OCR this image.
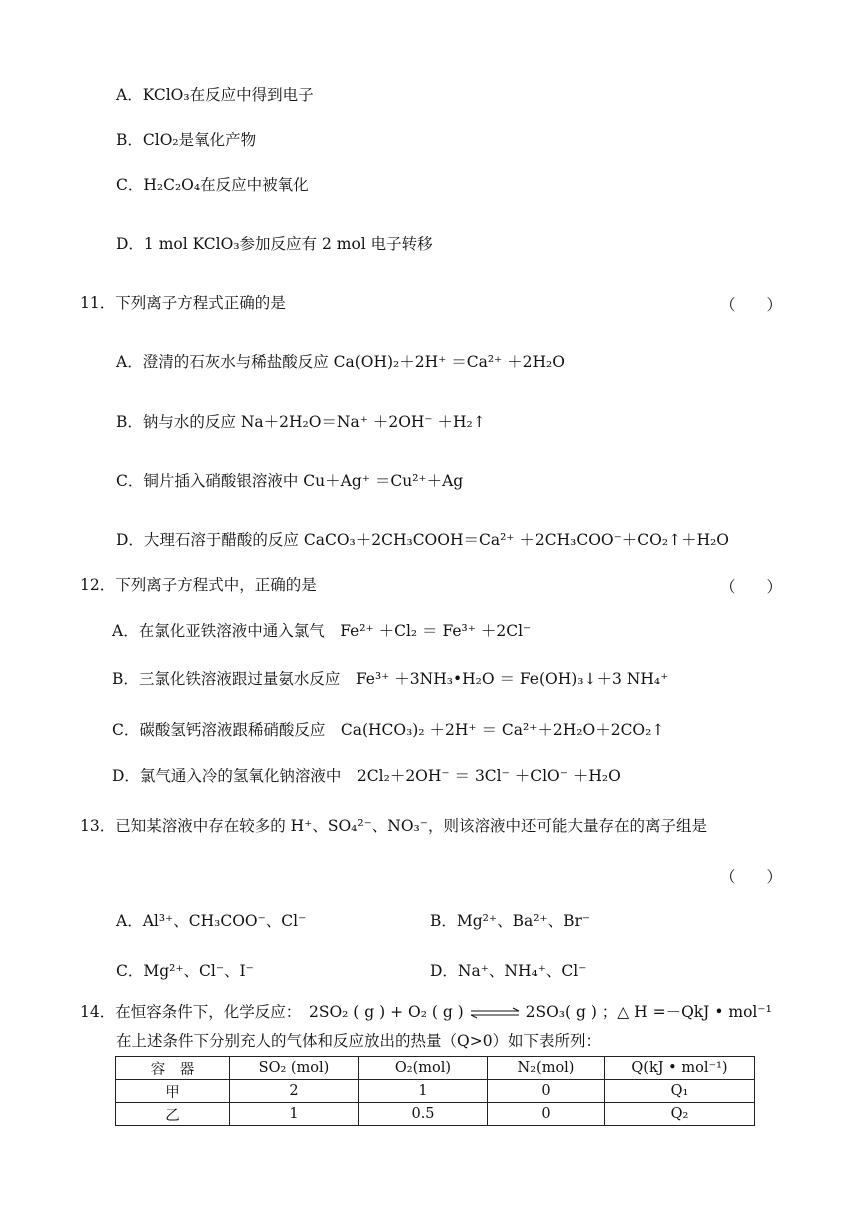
A．KClO₃在反应中得到电子
B．ClO₂是氧化产物
C．H₂C₂O₄在反应中被氧化
D．1 mol KClO₃参加反应有 2 mol 电子转移
11．下列离子方程式正确的是	（　　）
A．澄清的石灰水与稀盐酸反应 Ca(OH)₂＋2H⁺ ＝Ca²⁺ ＋2H₂O
B．钠与水的反应 Na＋2H₂O＝Na⁺ ＋2OH⁻ ＋H₂↑
C．铜片插入硝酸银溶液中 Cu＋Ag⁺ ＝Cu²⁺＋Ag
D．大理石溶于醋酸的反应 CaCO₃＋2CH₃COOH＝Ca²⁺ ＋2CH₃COO⁻＋CO₂↑＋H₂O
12．下列离子方程式中，正确的是	（　　）
A．在氯化亚铁溶液中通入氯气　Fe²⁺ ＋Cl₂ ＝ Fe³⁺ ＋2Cl⁻
B．三氯化铁溶液跟过量氨水反应　Fe³⁺ ＋3NH₃•H₂O ＝ Fe(OH)₃↓＋3 NH₄⁺
C．碳酸氢钙溶液跟稀硝酸反应　Ca(HCO₃)₂ ＋2H⁺ ＝ Ca²⁺＋2H₂O＋2CO₂↑
D．氯气通入冷的氢氧化钠溶液中　2Cl₂＋2OH⁻ ＝ 3Cl⁻ ＋ClO⁻ ＋H₂O
13．已知某溶液中存在较多的 H⁺、SO₄²⁻、NO₃⁻，则该溶液中还可能大量存在的离子组是
（　　）
A．Al³⁺、CH₃COO⁻、Cl⁻	B．Mg²⁺、Ba²⁺、Br⁻
C．Mg²⁺、Cl⁻、I⁻	D．Na⁺、NH₄⁺、Cl⁻
14．在恒容条件下，化学反应：　2SO₂ ( g ) + O₂ ( g ) ⇌ 2SO₃( g ) ；△ H =－QkJ • mol⁻¹
在上述条件下分别充人的气体和反应放出的热量（Q>0）如下表所列：
容　器	SO₂ (mol)	O₂(mol)	N₂(mol)	Q(kJ • mol⁻¹)
甲	2	1	0	Q₁
乙	1	0.5	0	Q₂
